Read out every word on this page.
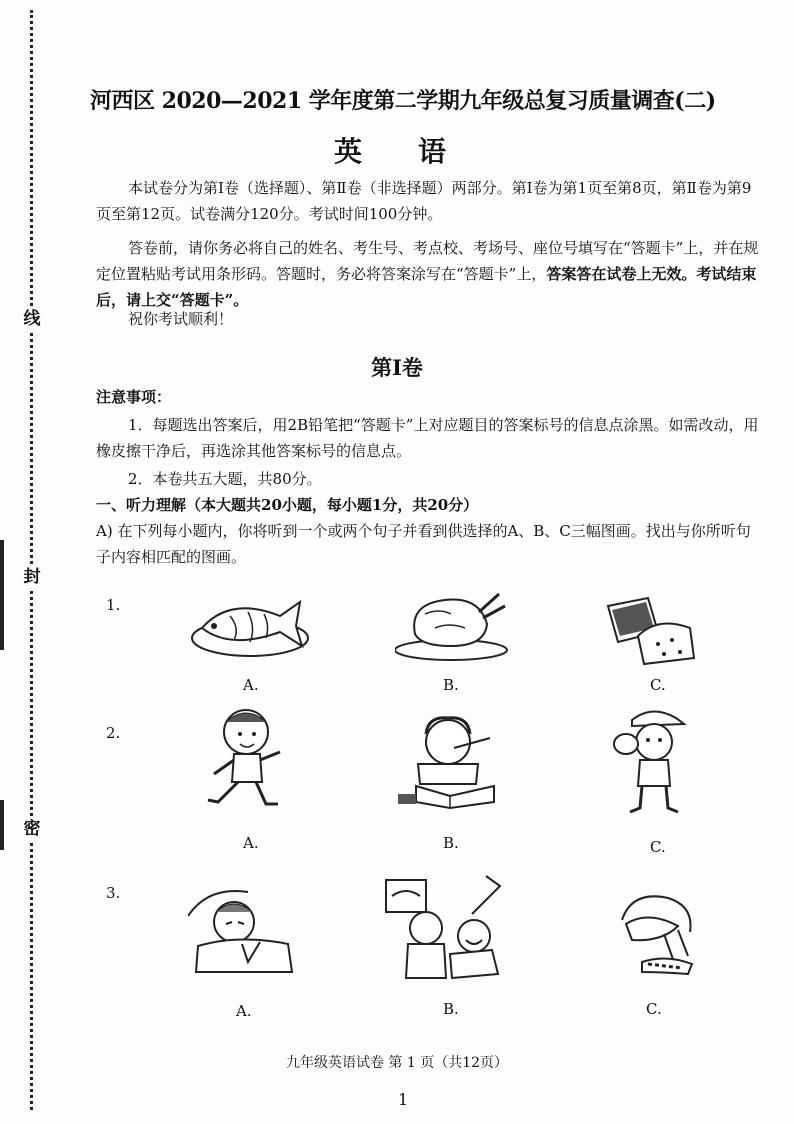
线
封
密
河西区 2020—2021 学年度第二学期九年级总复习质量调查(二)
英　语

本试卷分为第Ⅰ卷（选择题）、第Ⅱ卷（非选择题）两部分。第Ⅰ卷为第1页至第8页，第Ⅱ卷为第9页至第12页。试卷满分120分。考试时间100分钟。

答卷前，请你务必将自己的姓名、考生号、考点校、考场号、座位号填写在“答题卡”上，并在规定位置粘贴考试用条形码。答题时，务必将答案涂写在“答题卡”上，答案答在试卷上无效。考试结束后，请上交“答题卡”。

祝你考试顺利！

第Ⅰ卷
注意事项：

1．每题选出答案后，用2B铅笔把“答题卡”上对应题目的答案标号的信息点涂黑。如需改动，用橡皮擦干净后，再选涂其他答案标号的信息点。

2．本卷共五大题，共80分。
一、听力理解（本大题共20小题，每小题1分，共20分）

A) 在下列每小题内，你将听到一个或两个句子并看到供选择的A、B、C三幅图画。找出与你所听句子内容相匹配的图画。

1.
A.	B.	C.
2.
A.	B.	C.
3.
A.	B.	C.
九年级英语试卷 第 1 页（共12页）
1
